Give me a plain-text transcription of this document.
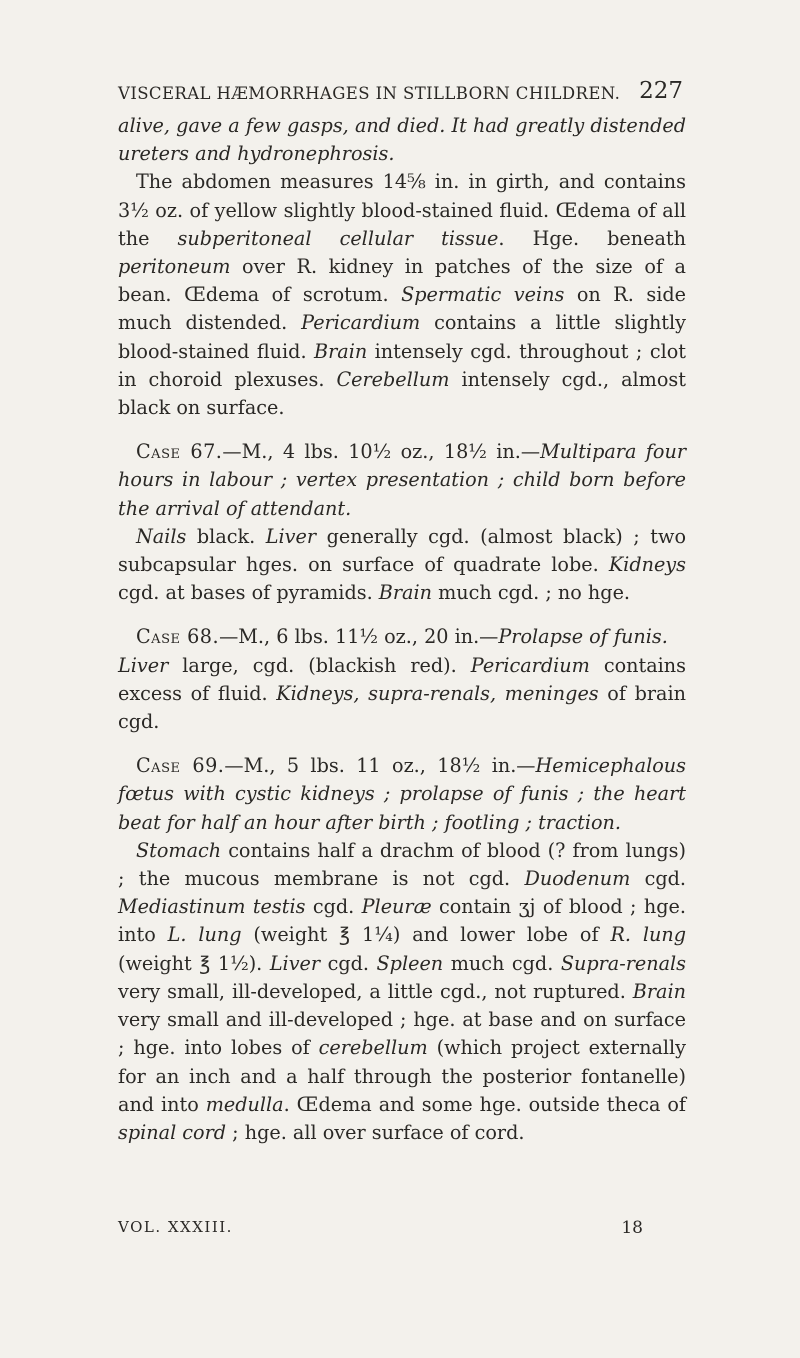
VISCERAL HÆMORRHAGES IN STILLBORN CHILDREN. 227

alive, gave a few gasps, and died. It had greatly distended ureters and hydronephrosis.

The abdomen measures 14⅝ in. in girth, and contains 3½ oz. of yellow slightly blood-stained fluid. Œdema of all the subperitoneal cellular tissue. Hge. beneath peritoneum over R. kidney in patches of the size of a bean. Œdema of scrotum. Spermatic veins on R. side much distended. Pericardium contains a little slightly blood-stained fluid. Brain intensely cgd. throughout ; clot in choroid plexuses. Cerebellum intensely cgd., almost black on surface.

Case 67.—M., 4 lbs. 10½ oz., 18½ in.—Multipara four hours in labour ; vertex presentation ; child born before the arrival of attendant.

Nails black. Liver generally cgd. (almost black) ; two subcapsular hges. on surface of quadrate lobe. Kidneys cgd. at bases of pyramids. Brain much cgd. ; no hge.

Case 68.—M., 6 lbs. 11½ oz., 20 in.—Prolapse of funis.

Liver large, cgd. (blackish red). Pericardium contains excess of fluid. Kidneys, supra-renals, meninges of brain cgd.

Case 69.—M., 5 lbs. 11 oz., 18½ in.—Hemicephalous fœtus with cystic kidneys ; prolapse of funis ; the heart beat for half an hour after birth ; footling ; traction.

Stomach contains half a drachm of blood (? from lungs) ; the mucous membrane is not cgd. Duodenum cgd. Mediastinum testis cgd. Pleuræ contain ʒj of blood ; hge. into L. lung (weight ℥ 1¼) and lower lobe of R. lung (weight ℥ 1½). Liver cgd. Spleen much cgd. Supra-renals very small, ill-developed, a little cgd., not ruptured. Brain very small and ill-developed ; hge. at base and on surface ; hge. into lobes of cerebellum (which project externally for an inch and a half through the posterior fontanelle) and into medulla. Œdema and some hge. outside theca of spinal cord ; hge. all over surface of cord.

VOL. XXXIII.	18
